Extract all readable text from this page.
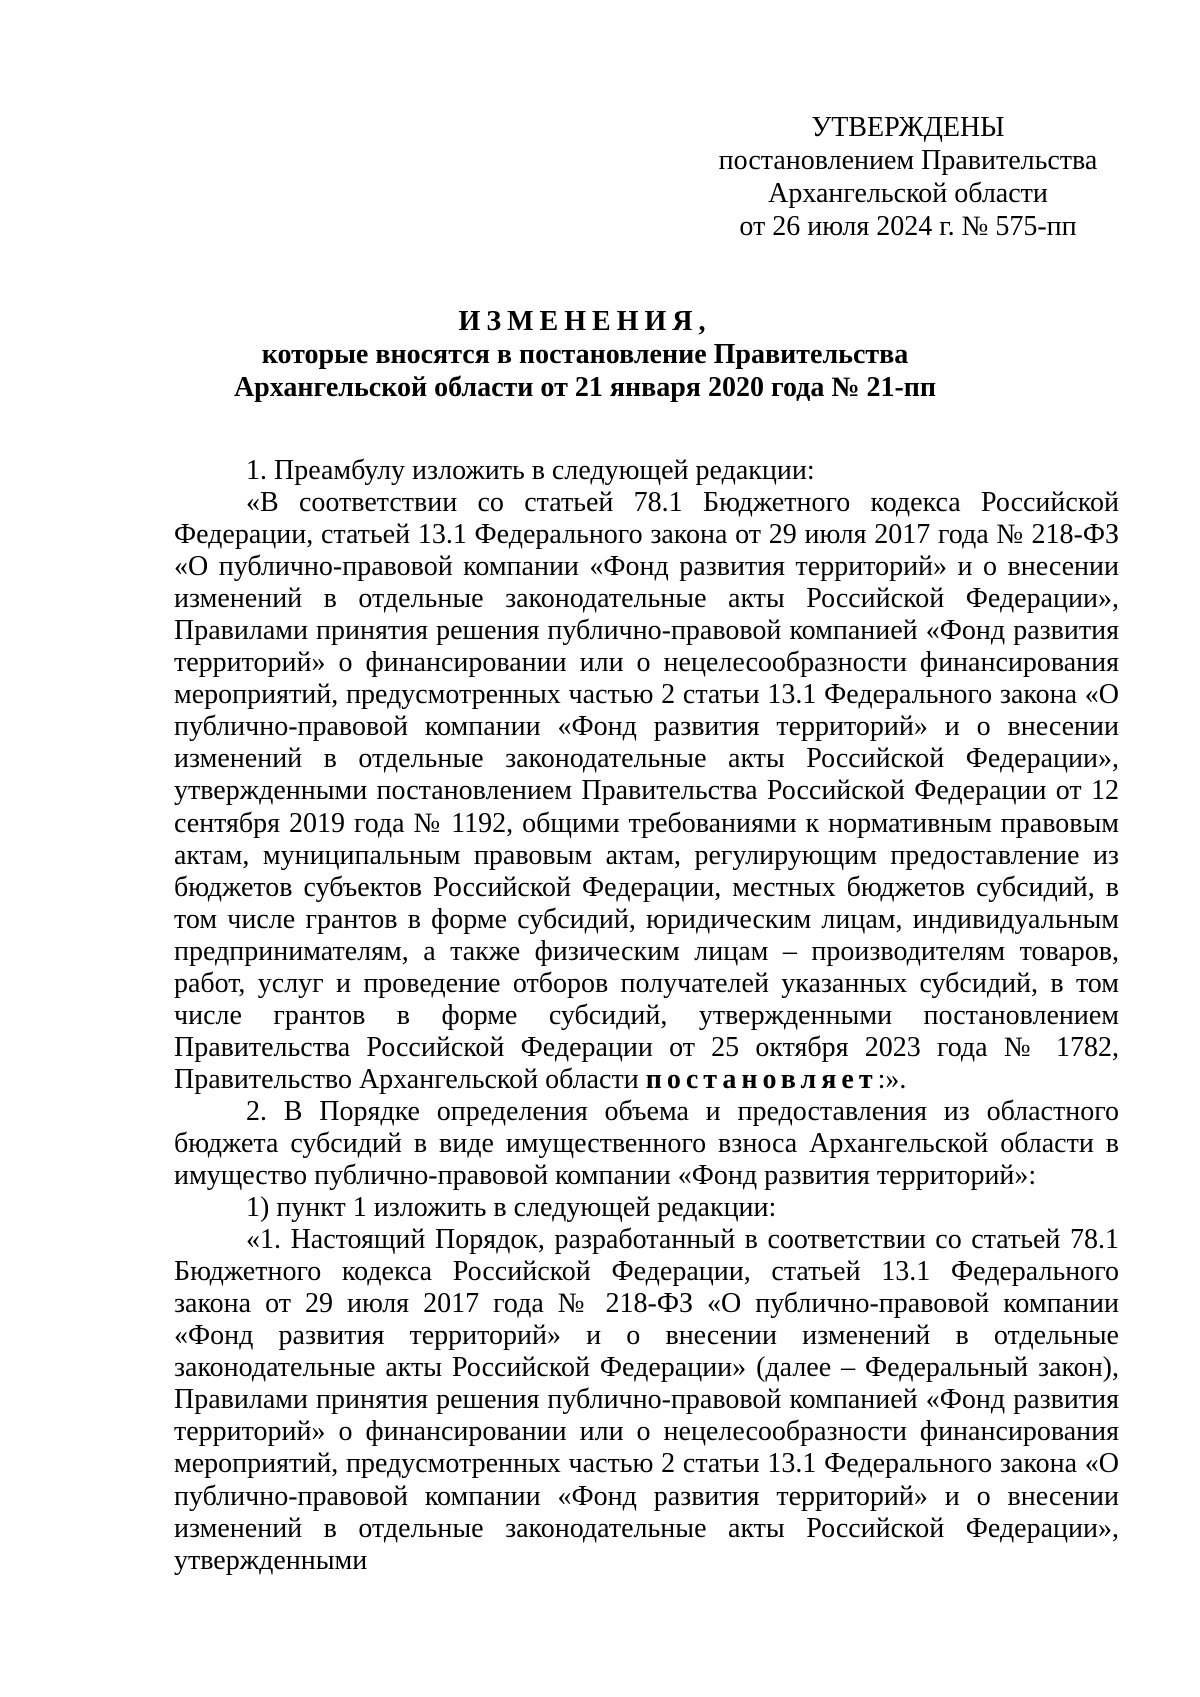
УТВЕРЖДЕНЫ
постановлением Правительства
Архангельской области
от 26 июля 2024 г. № 575-пп
ИЗМЕНЕНИЯ,
которые вносятся в постановление Правительства
Архангельской области от 21 января 2020 года № 21-пп

1. Преамбулу изложить в следующей редакции:

«В соответствии со статьей 78.1 Бюджетного кодекса Российской Федерации, статьей 13.1 Федерального закона от 29 июля 2017 года № 218-ФЗ «О публично-правовой компании «Фонд развития территорий» и о внесении изменений в отдельные законодательные акты Российской Федерации», Правилами принятия решения публично-правовой компанией «Фонд развития территорий» о финансировании или о нецелесообразности финансирования мероприятий, предусмотренных частью 2 статьи 13.1 Федерального закона «О публично-правовой компании «Фонд развития территорий» и о внесении изменений в отдельные законодательные акты Российской Федерации», утвержденными постановлением Правительства Российской Федерации от 12 сентября 2019 года № 1192, общими требованиями к нормативным правовым актам, муниципальным правовым актам, регулирующим предоставление из бюджетов субъектов Российской Федерации, местных бюджетов субсидий, в том числе грантов в форме субсидий, юридическим лицам, индивидуальным предпринимателям, а также физическим лицам – производителям товаров, работ, услуг и проведение отборов получателей указанных субсидий, в том числе грантов в форме субсидий, утвержденными постановлением Правительства Российской Федерации от 25 октября 2023 года № 1782, Правительство Архангельской области постановляет:».

2. В Порядке определения объема и предоставления из областного бюджета субсидий в виде имущественного взноса Архангельской области в имущество публично-правовой компании «Фонд развития территорий»:

1) пункт 1 изложить в следующей редакции:

«1. Настоящий Порядок, разработанный в соответствии со статьей 78.1 Бюджетного кодекса Российской Федерации, статьей 13.1 Федерального закона от 29 июля 2017 года № 218-ФЗ «О публично-правовой компании «Фонд развития территорий» и о внесении изменений в отдельные законодательные акты Российской Федерации» (далее – Федеральный закон), Правилами принятия решения публично-правовой компанией «Фонд развития территорий» о финансировании или о нецелесообразности финансирования мероприятий, предусмотренных частью 2 статьи 13.1 Федерального закона «О публично-правовой компании «Фонд развития территорий» и о внесении изменений в отдельные законодательные акты Российской Федерации», утвержденными
